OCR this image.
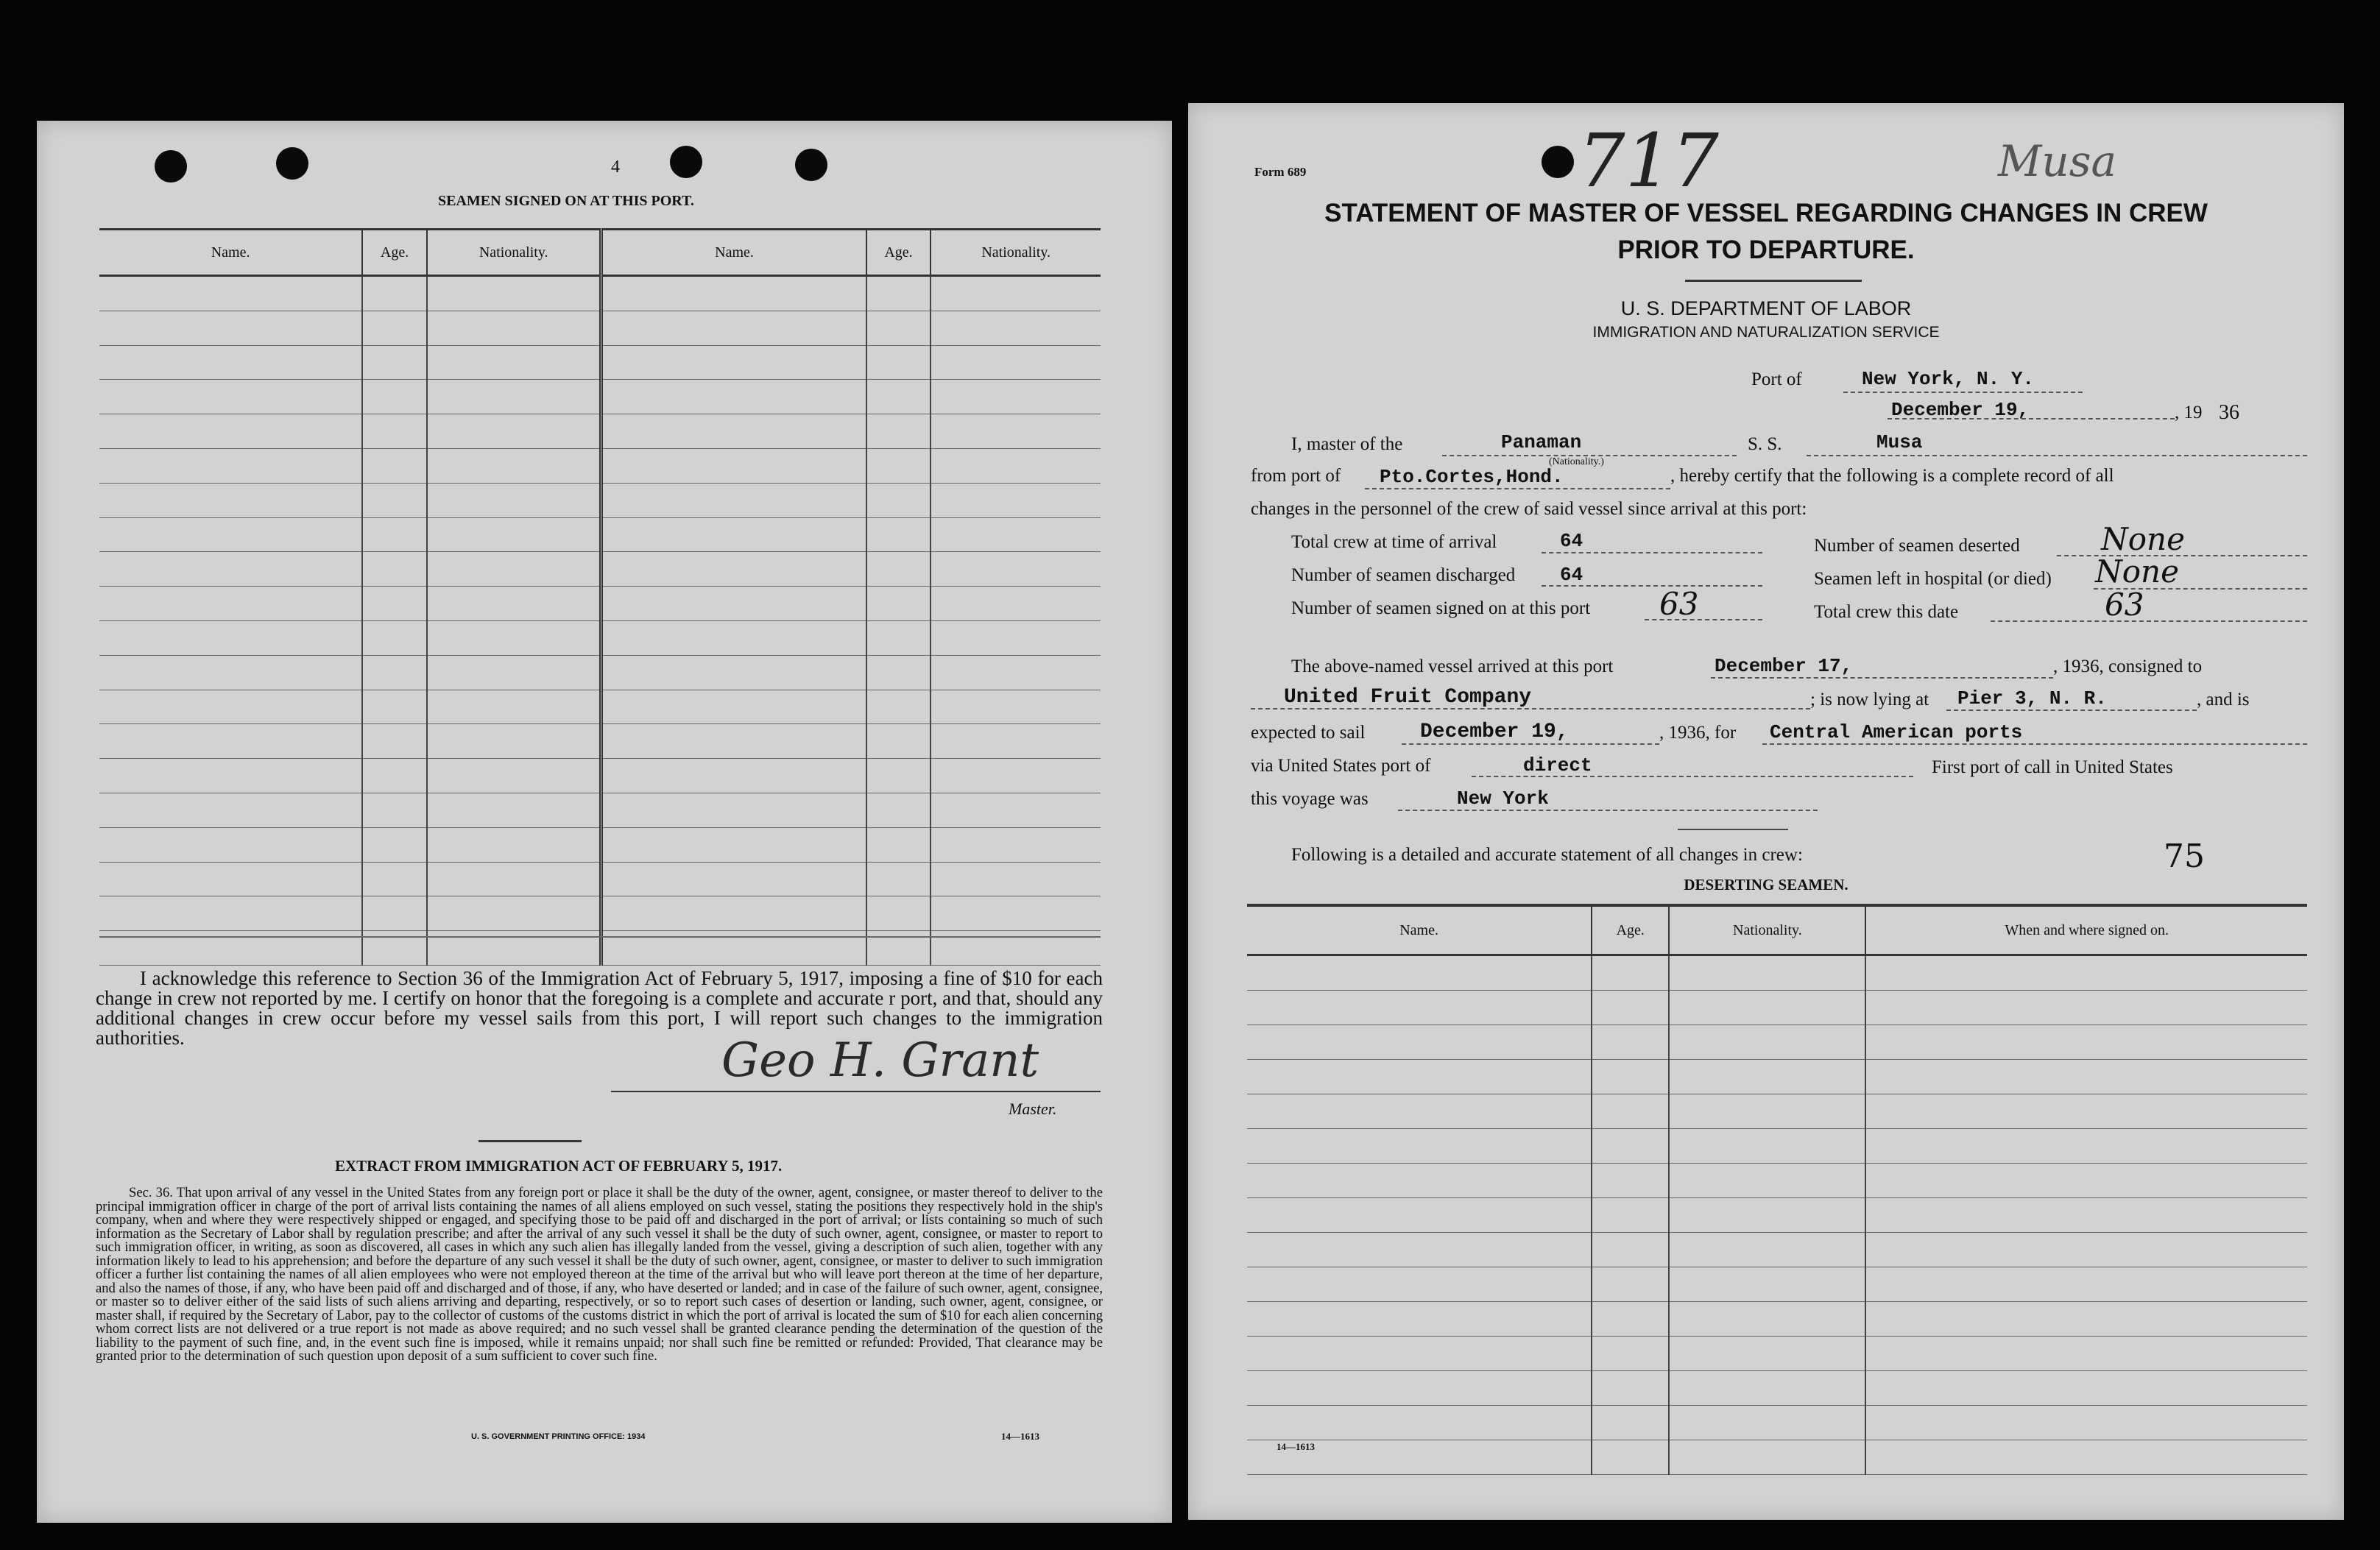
4
SEAMEN SIGNED ON AT THIS PORT.
Name.	Age.	Nationality.	Name.	Age.	Nationality.

I acknowledge this reference to Section 36 of the Immigration Act of February 5, 1917, imposing a fine of $10 for each change in crew not reported by me. I certify on honor that the foregoing is a complete and accurate r port, and that, should any additional changes in crew occur before my vessel sails from this port, I will report such changes to the immigration authorities.	Geo H. Grant
Master.
EXTRACT FROM IMMIGRATION ACT OF FEBRUARY 5, 1917.
Sec. 36. That upon arrival of any vessel in the United States from any foreign port or place it shall be the duty of the owner, agent, consignee, or master thereof to deliver to the principal immigration officer in charge of the port of arrival lists containing the names of all aliens employed on such vessel, stating the positions they respectively hold in the ship's company, when and where they were respectively shipped or engaged, and specifying those to be paid off and discharged in the port of arrival; or lists containing so much of such information as the Secretary of Labor shall by regulation prescribe; and after the arrival of any such vessel it shall be the duty of such owner, agent, consignee, or master to report to such immigration officer, in writing, as soon as discovered, all cases in which any such alien has illegally landed from the vessel, giving a description of such alien, together with any information likely to lead to his apprehension; and before the departure of any such vessel it shall be the duty of such owner, agent, consignee, or master to deliver to such immigration officer a further list containing the names of all alien employees who were not employed thereon at the time of the arrival but who will leave port thereon at the time of her departure, and also the names of those, if any, who have been paid off and discharged and of those, if any, who have deserted or landed; and in case of the failure of such owner, agent, consignee, or master so to deliver either of the said lists of such aliens arriving and departing, respectively, or so to report such cases of desertion or landing, such owner, agent, consignee, or master shall, if required by the Secretary of Labor, pay to the collector of customs of the customs district in which the port of arrival is located the sum of $10 for each alien concerning whom correct lists are not delivered or a true report is not made as above required; and no such vessel shall be granted clearance pending the determination of the question of the liability to the payment of such fine, and, in the event such fine is imposed, while it remains unpaid; nor shall such fine be remitted or refunded: Provided, That clearance may be granted prior to the determination of such question upon deposit of a sum sufficient to cover such fine.
U. S. GOVERNMENT PRINTING OFFICE: 1934	14—1613
Form 689	717	Musa
STATEMENT OF MASTER OF VESSEL REGARDING CHANGES IN CREW
PRIOR TO DEPARTURE.
U. S. DEPARTMENT OF LABOR
IMMIGRATION AND NATURALIZATION SERVICE
Port of	New York, N. Y.
December 19,	, 19 36
I, master of the	Panaman
(Nationality.)
S. S.	Musa
from port of Pto.Cortes,Hond.	, hereby certify that the following is a complete record of all
changes in the personnel of the crew of said vessel since arrival at this port:
Total crew at time of arrival	64	Number of seamen deserted	None
Number of seamen discharged 64	Seamen left in hospital (or died) None
Number of seamen signed on at this port 63	Total crew this date	63
The above-named vessel arrived at this port	December 17,	, 1936, consigned to
United Fruit Company	; is now lying at Pier 3, N. R.	, and is
expected to sail	December 19,	, 1936, for Central American ports
via United States port of	direct	First port of call in United States
this voyage was	New York
Following is a detailed and accurate statement of all changes in crew:	75
DESERTING SEAMEN.
Name.	Age.	Nationality.	When and where signed on.

14—1613
